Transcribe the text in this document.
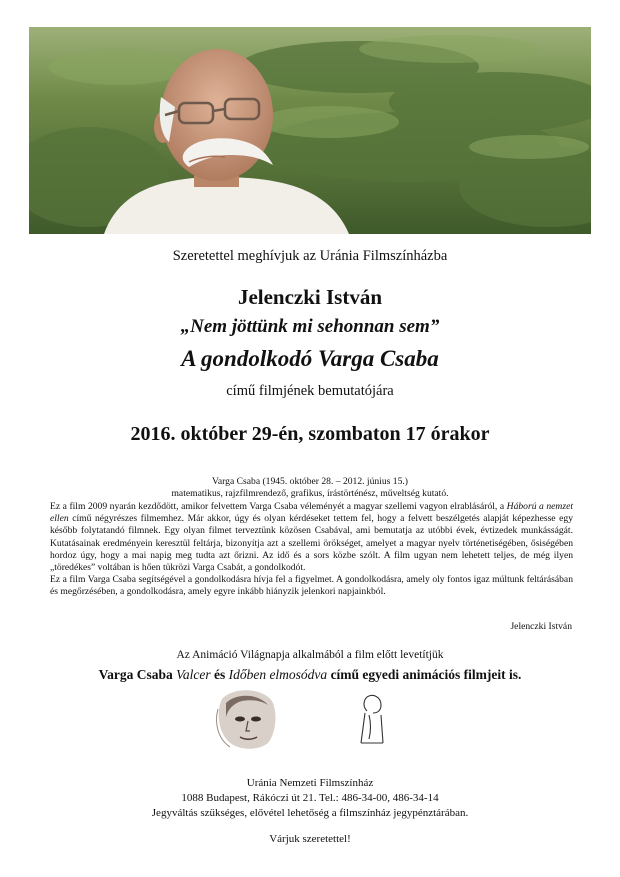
Szeretettel meghívjuk az Uránia Filmszínházba
Jelenczki István
„Nem jöttünk mi sehonnan sem”
A gondolkodó Varga Csaba
című filmjének bemutatójára
2016. október 29-én, szombaton 17 órakor
Varga Csaba (1945. október 28. – 2012. június 15.)
matematikus, rajzfilmrendező, grafikus, írástörténész, műveltség kutató.

Ez a film 2009 nyarán kezdődött, amikor felvettem Varga Csaba véleményét a magyar szellemi vagyon elrablásáról, a Háború a nemzet ellen című négyrészes filmemhez. Már akkor, úgy és olyan kérdéseket tettem fel, hogy a felvett beszélgetés alapját képezhesse egy később folytatandó filmnek. Egy olyan filmet terveztünk közösen Csabával, ami bemutatja az utóbbi évek, évtizedek munkásságát. Kutatásainak eredményein keresztül feltárja, bizonyítja azt a szellemi örökséget, amelyet a magyar nyelv történetiségében, ősiségében hordoz úgy, hogy a mai napig meg tudta azt őrizni. Az idő és a sors közbe szólt. A film ugyan nem lehetett teljes, de még ilyen „töredékes” voltában is hően tükrözi Varga Csabát, a gondolkodót.

Ez a film Varga Csaba segítségével a gondolkodásra hívja fel a figyelmet. A gondolkodásra, amely oly fontos igaz múltunk feltárásában és megőrzésében, a gondolkodásra, amely egyre inkább hiányzik jelenkori napjainkból.

Jelenczki István
Az Animáció Világnapja alkalmából a film előtt levetítjük
Varga Csaba Valcer és Időben elmosódva című egyedi animációs filmjeit is.
Uránia Nemzeti Filmszínház
1088 Budapest, Rákóczi út 21. Tel.: 486-34-00, 486-34-14
Jegyváltás szükséges, elővétel lehetőség a filmszínház jegypénztárában.
Várjuk szeretettel!
